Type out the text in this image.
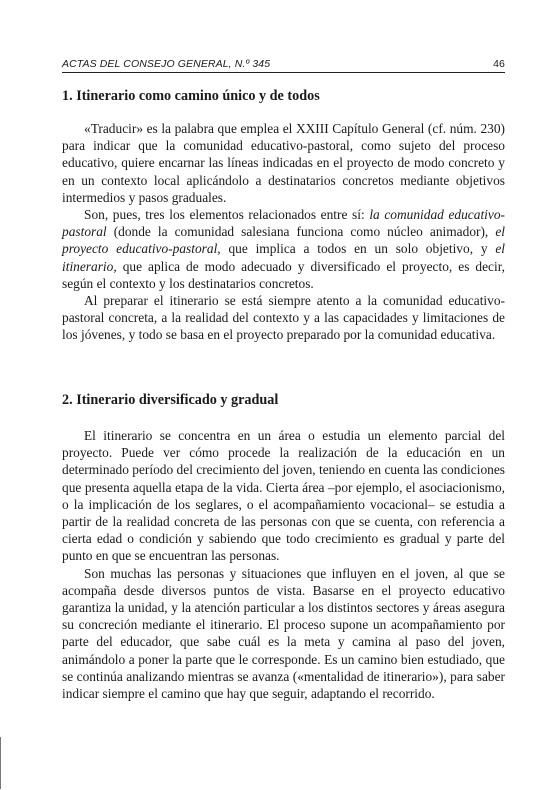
ACTAS DEL CONSEJO GENERAL, N.º 345	46
1. Itinerario como camino único y de todos

«Traducir» es la palabra que emplea el XXIII Capítulo General (cf. núm. 230) para indicar que la comunidad educativo-pastoral, como sujeto del proceso educativo, quiere encarnar las líneas indicadas en el proyecto de modo concreto y en un contexto local aplicándolo a destinatarios concretos mediante objetivos intermedios y pasos graduales.

Son, pues, tres los elementos relacionados entre sí: la comunidad educativo-pastoral (donde la comunidad salesiana funciona como núcleo animador), el proyecto educativo-pastoral, que implica a todos en un solo objetivo, y el itinerario, que aplica de modo adecuado y diversificado el proyecto, es decir, según el contexto y los destinatarios concretos.

Al preparar el itinerario se está siempre atento a la comunidad educativo-pastoral concreta, a la realidad del contexto y a las capacidades y limitaciones de los jóvenes, y todo se basa en el proyecto preparado por la comunidad educativa.

2. Itinerario diversificado y gradual

El itinerario se concentra en un área o estudia un elemento parcial del proyecto. Puede ver cómo procede la realización de la educación en un determinado período del crecimiento del joven, teniendo en cuenta las condiciones que presenta aquella etapa de la vida. Cierta área –por ejemplo, el asociacionismo, o la implicación de los seglares, o el acompañamiento vocacional– se estudia a partir de la realidad concreta de las personas con que se cuenta, con referencia a cierta edad o condición y sabiendo que todo crecimiento es gradual y parte del punto en que se encuentran las personas.

Son muchas las personas y situaciones que influyen en el joven, al que se acompaña desde diversos puntos de vista. Basarse en el proyecto educativo garantiza la unidad, y la atención particular a los distintos sectores y áreas asegura su concreción mediante el itinerario. El proceso supone un acompañamiento por parte del educador, que sabe cuál es la meta y camina al paso del joven, animándolo a poner la parte que le corresponde. Es un camino bien estudiado, que se continúa analizando mientras se avanza («mentalidad de itinerario»), para saber indicar siempre el camino que hay que seguir, adaptando el recorrido.
